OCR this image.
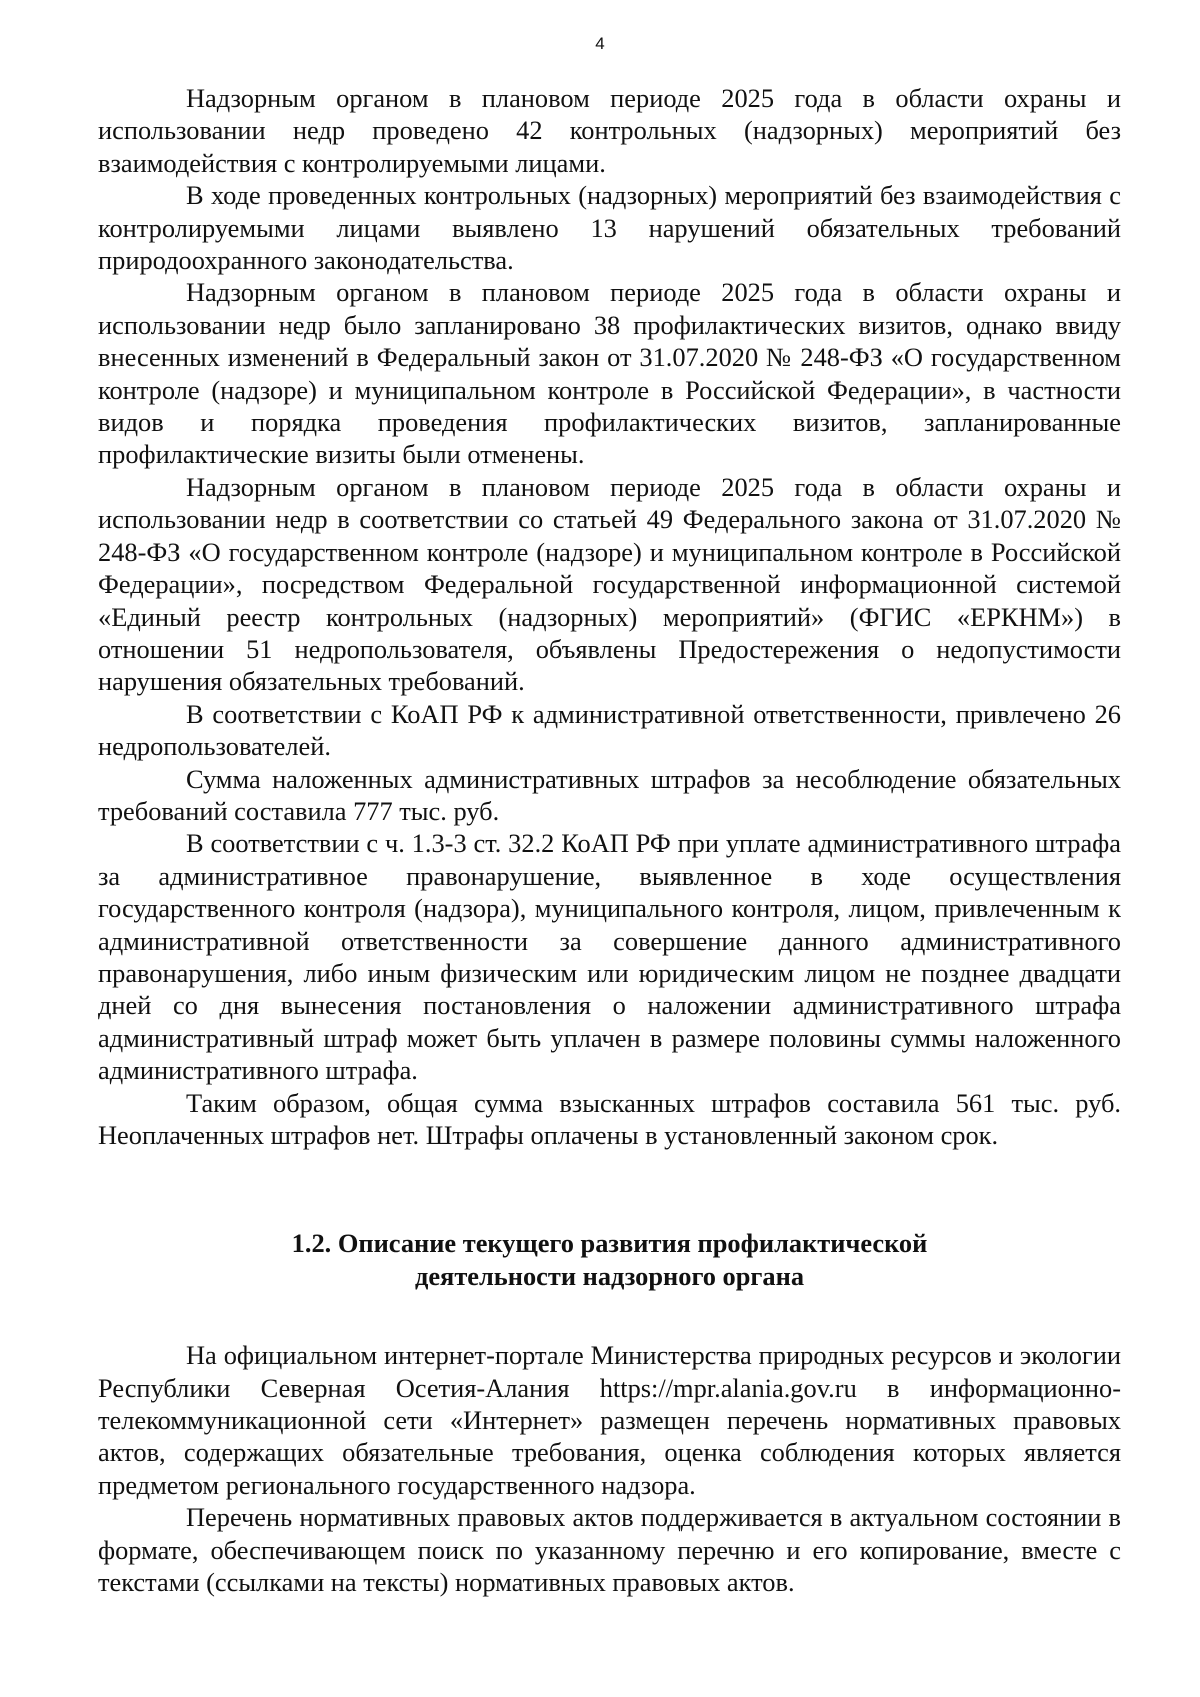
4

Надзорным органом в плановом периоде 2025 года в области охраны и использовании недр проведено 42 контрольных (надзорных) мероприятий без взаимодействия с контролируемыми лицами.

В ходе проведенных контрольных (надзорных) мероприятий без взаимодействия с контролируемыми лицами выявлено 13 нарушений обязательных требований природоохранного законодательства.

Надзорным органом в плановом периоде 2025 года в области охраны и использовании недр было запланировано 38 профилактических визитов, однако ввиду внесенных изменений в Федеральный закон от 31.07.2020 № 248-ФЗ «О государственном контроле (надзоре) и муниципальном контроле в Российской Федерации», в частности видов и порядка проведения профилактических визитов, запланированные профилактические визиты были отменены.

Надзорным органом в плановом периоде 2025 года в области охраны и использовании недр в соответствии со статьей 49 Федерального закона от 31.07.2020 № 248-ФЗ «О государственном контроле (надзоре) и муниципальном контроле в Российской Федерации», посредством Федеральной государственной информационной системой «Единый реестр контрольных (надзорных) мероприятий» (ФГИС «ЕРКНМ») в отношении 51 недропользователя, объявлены Предостережения о недопустимости нарушения обязательных требований.

В соответствии с КоАП РФ к административной ответственности, привлечено 26 недропользователей.

Сумма наложенных административных штрафов за несоблюдение обязательных требований составила 777 тыс. руб.

В соответствии с ч. 1.3-3 ст. 32.2 КоАП РФ при уплате административного штрафа за административное правонарушение, выявленное в ходе осуществления государственного контроля (надзора), муниципального контроля, лицом, привлеченным к административной ответственности за совершение данного административного правонарушения, либо иным физическим или юридическим лицом не позднее двадцати дней со дня вынесения постановления о наложении административного штрафа административный штраф может быть уплачен в размере половины суммы наложенного административного штрафа.

Таким образом, общая сумма взысканных штрафов составила 561 тыс. руб. Неоплаченных штрафов нет. Штрафы оплачены в установленный законом срок.

1.2. Описание текущего развития профилактической
деятельности надзорного органа

На официальном интернет-портале Министерства природных ресурсов и экологии Республики Северная Осетия-Алания https://mpr.alania.gov.ru в информационно-телекоммуникационной сети «Интернет» размещен перечень нормативных правовых актов, содержащих обязательные требования, оценка соблюдения которых является предметом регионального государственного надзора.

Перечень нормативных правовых актов поддерживается в актуальном состоянии в формате, обеспечивающем поиск по указанному перечню и его копирование, вместе с текстами (ссылками на тексты) нормативных правовых актов.
